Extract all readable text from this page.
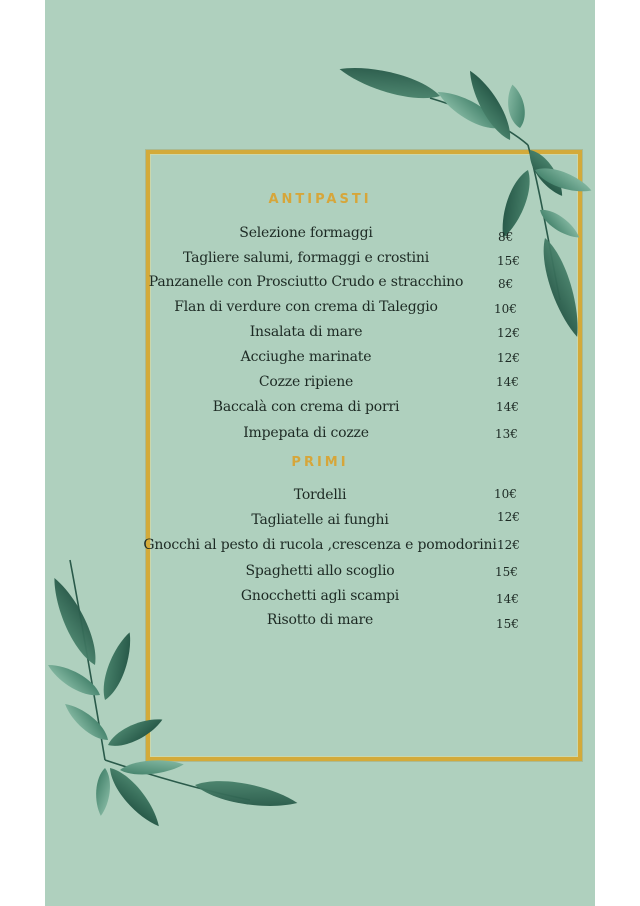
ANTIPASTI
Selezione formaggi	8€
Tagliere salumi, formaggi e crostini	15€
Panzanelle con Prosciutto Crudo e stracchino	8€
Flan di verdure con crema di Taleggio	10€
Insalata di mare	12€
Acciughe marinate	12€
Cozze ripiene	14€
Baccalà con crema di porri	14€
Impepata di cozze	13€
PRIMI
Tordelli	10€
Tagliatelle ai funghi	12€
Gnocchi al pesto di rucola ,crescenza e pomodorini 12€
Spaghetti allo scoglio	15€
Gnocchetti agli scampi	14€
Risotto di mare	15€
